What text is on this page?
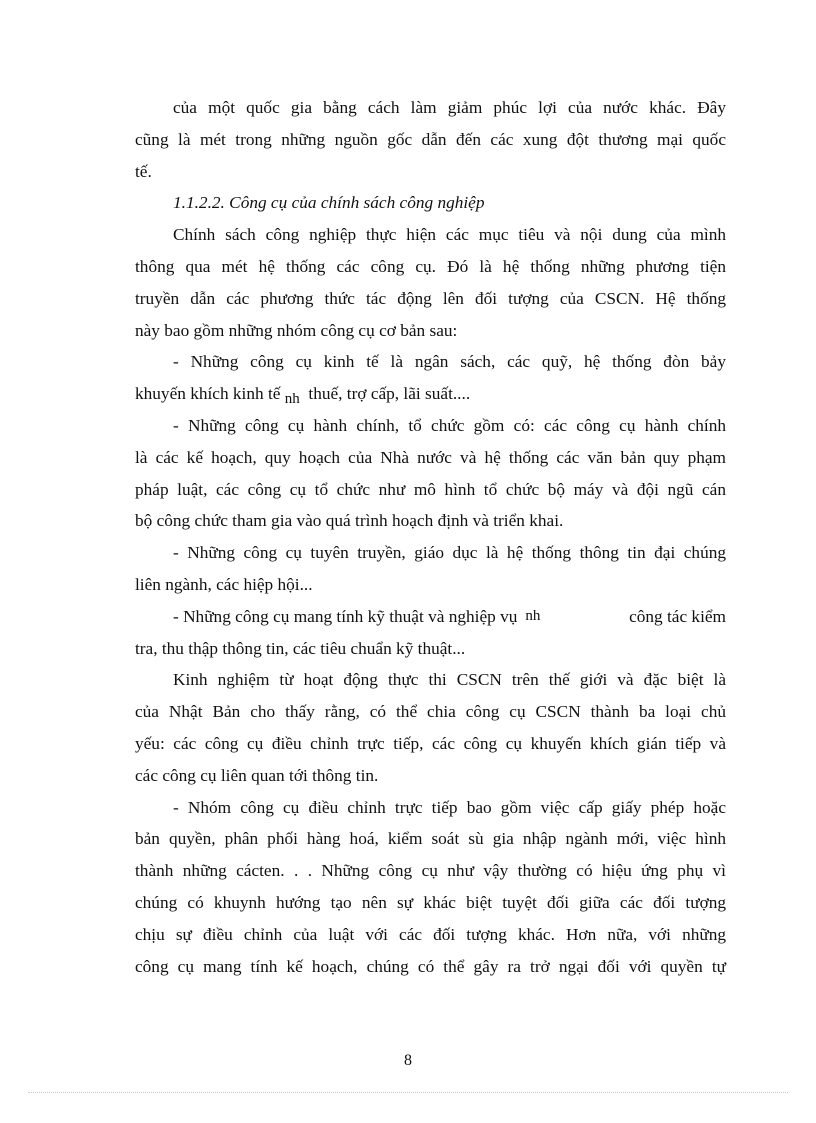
của một quốc gia bằng cách làm giảm phúc lợi của nước khác. Đây
cũng là mét trong những nguồn gốc dẫn đến các xung đột thương mại quốc
tế.
1.1.2.2. Công cụ của chính sách công nghiệp
Chính sách công nghiệp thực hiện các mục tiêu và nội dung của mình
thông qua mét hệ thống các công cụ. Đó là hệ thống những phương tiện
truyền dẫn các phương thức tác động lên đối tượng của CSCN. Hệ thống
này bao gồm những nhóm công cụ cơ bản sau:
- Những công cụ kinh tế là ngân sách, các quỹ, hệ thống đòn bảy
khuyến khích kinh tế nh thuế, trợ cấp, lãi suất....
- Những công cụ hành chính, tổ chức gồm có: các công cụ hành chính
là các kế hoạch, quy hoạch của Nhà nước và hệ thống các văn bản quy phạm
pháp luật, các công cụ tổ chức như mô hình tổ chức bộ máy và đội ngũ cán
bộ công chức tham gia vào quá trình hoạch định và triển khai.
- Những công cụ tuyên truyền, giáo dục là hệ thống thông tin đại chúng
liên ngành, các hiệp hội...
- Những công cụ mang tính kỹ thuật và nghiệp vụ nh	công tác kiểm
tra, thu thập thông tin, các tiêu chuẩn kỹ thuật...
Kinh nghiệm từ hoạt động thực thi CSCN trên thế giới và đặc biệt là
của Nhật Bản cho thấy rằng, có thể chia công cụ CSCN thành ba loại chủ
yếu: các công cụ điều chỉnh trực tiếp, các công cụ khuyến khích gián tiếp và
các công cụ liên quan tới thông tin.
- Nhóm công cụ điều chỉnh trực tiếp bao gồm việc cấp giấy phép hoặc
bản quyền, phân phối hàng hoá, kiểm soát sù gia nhập ngành mới, việc hình
thành những cácten. . . Những công cụ như vậy thường có hiệu ứng phụ vì
chúng có khuynh hướng tạo nên sự khác biệt tuyệt đối giữa các đối tượng
chịu sự điều chỉnh của luật với các đối tượng khác. Hơn nữa, với những
công cụ mang tính kế hoạch, chúng có thể gây ra trở ngại đối với quyền tự
8
